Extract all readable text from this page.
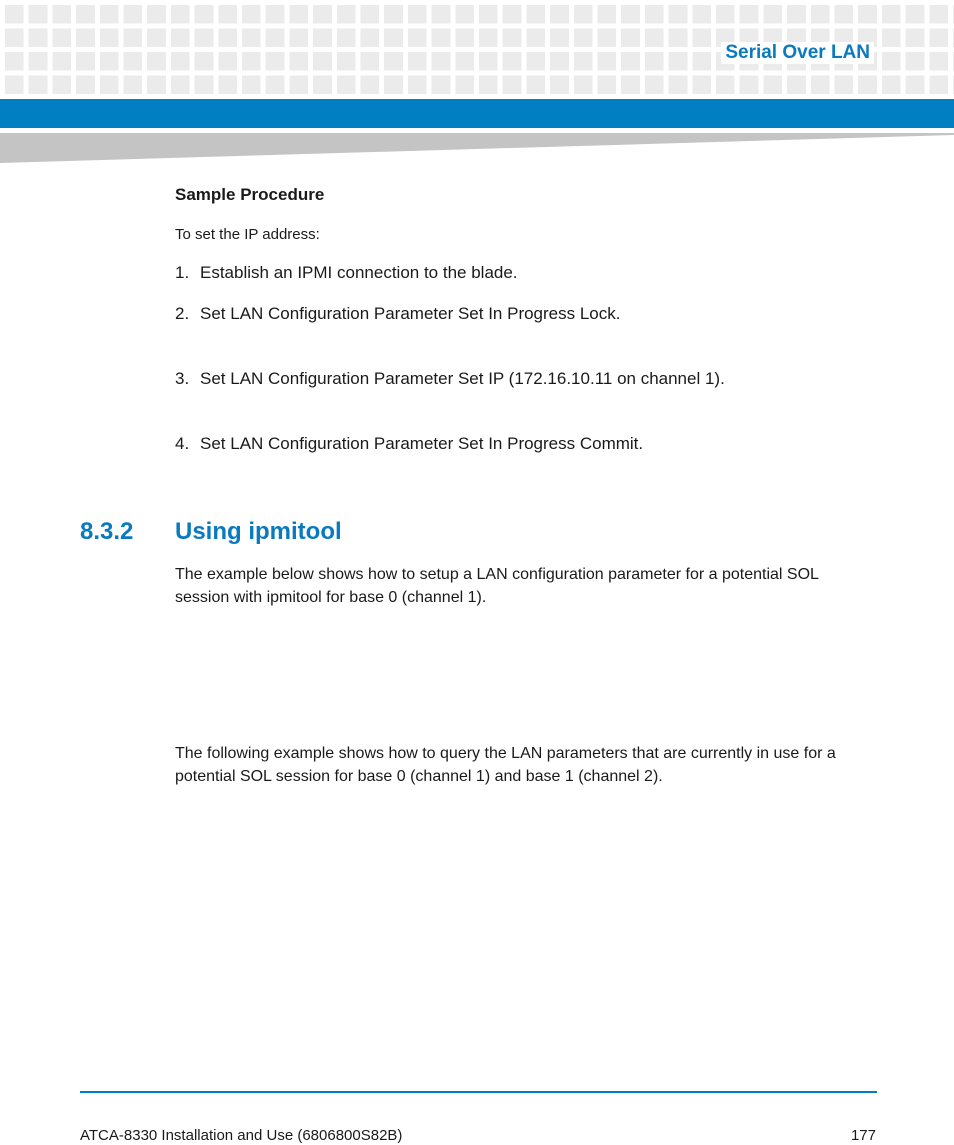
Serial Over LAN
Sample Procedure
To set the IP address:
1. Establish an IPMI connection to the blade.
2. Set LAN Configuration Parameter Set In Progress Lock.
3. Set LAN Configuration Parameter Set IP (172.16.10.11 on channel 1).
4. Set LAN Configuration Parameter Set In Progress Commit.
8.3.2 Using ipmitool
The example below shows how to setup a LAN configuration parameter for a potential SOL session with ipmitool for base 0 (channel 1).
The following example shows how to query the LAN parameters that are currently in use for a potential SOL session for base 0 (channel 1) and base 1 (channel 2).
ATCA-8330 Installation and Use (6806800S82B)	177
